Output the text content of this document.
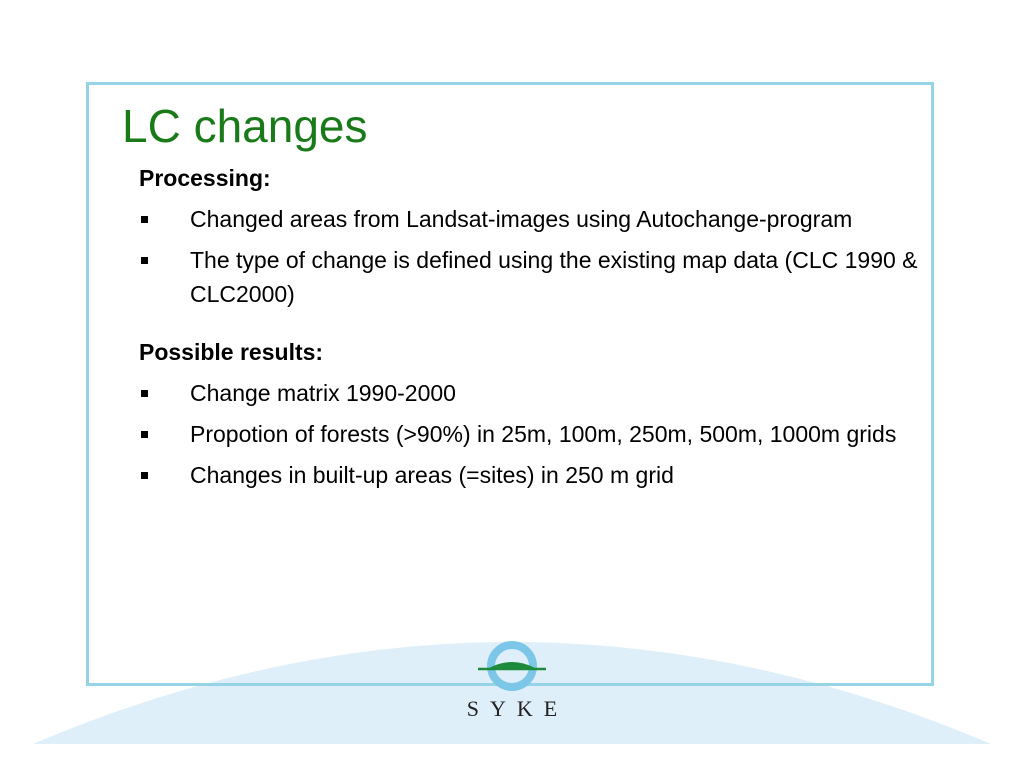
LC changes

Processing:

Changed areas from Landsat-images using Autochange-program
The type of change is defined using the existing map data (CLC 1990 & CLC2000)

Possible results:

Change matrix 1990-2000
Propotion of forests (>90%) in 25m, 100m, 250m, 500m, 1000m grids
Changes in built-up areas (=sites) in 250 m grid
SYKE
